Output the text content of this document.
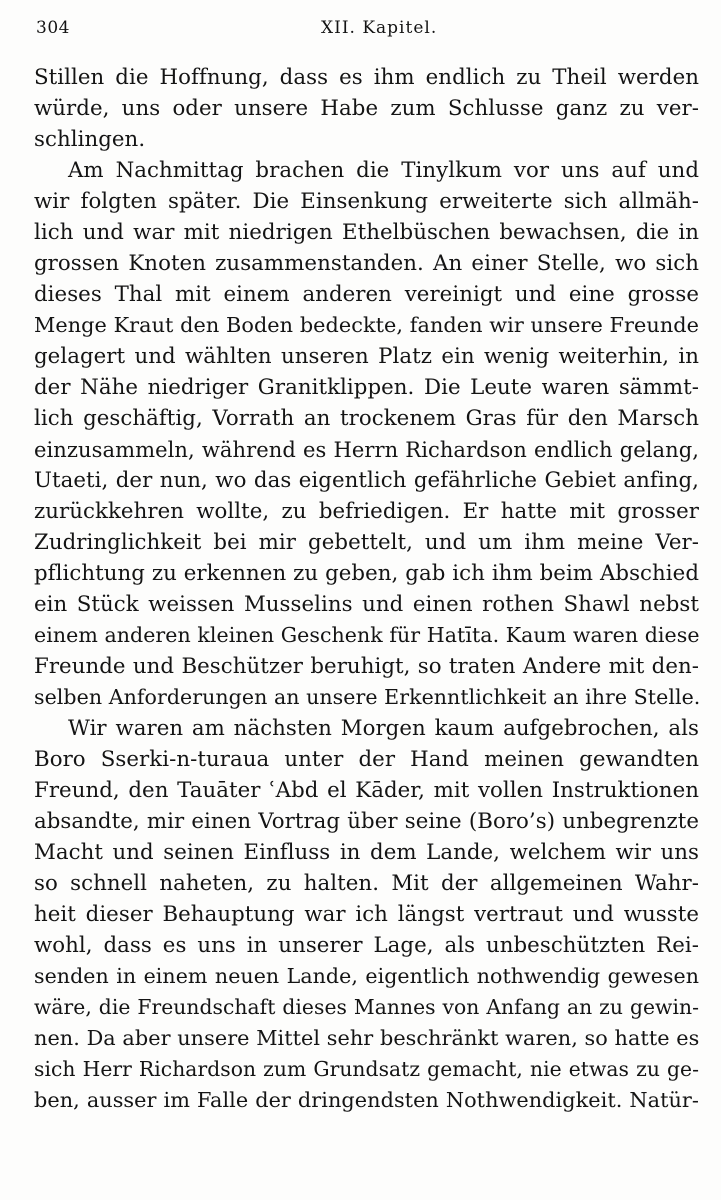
304	XII. Kapitel.
Stillen die Hoffnung, dass es ihm endlich zu Theil werden
würde, uns oder unsere Habe zum Schlusse ganz zu ver-
schlingen.
Am Nachmittag brachen die Tinylkum vor uns auf und
wir folgten später. Die Einsenkung erweiterte sich allmäh-
lich und war mit niedrigen Ethelbüschen bewachsen, die in
grossen Knoten zusammenstanden. An einer Stelle, wo sich
dieses Thal mit einem anderen vereinigt und eine grosse
Menge Kraut den Boden bedeckte, fanden wir unsere Freunde
gelagert und wählten unseren Platz ein wenig weiterhin, in
der Nähe niedriger Granitklippen. Die Leute waren sämmt-
lich geschäftig, Vorrath an trockenem Gras für den Marsch
einzusammeln, während es Herrn Richardson endlich gelang,
Utaeti, der nun, wo das eigentlich gefährliche Gebiet anfing,
zurückkehren wollte, zu befriedigen. Er hatte mit grosser
Zudringlichkeit bei mir gebettelt, und um ihm meine Ver-
pflichtung zu erkennen zu geben, gab ich ihm beim Abschied
ein Stück weissen Musselins und einen rothen Shawl nebst
einem anderen kleinen Geschenk für Hatīta. Kaum waren diese
Freunde und Beschützer beruhigt, so traten Andere mit den-
selben Anforderungen an unsere Erkenntlichkeit an ihre Stelle.
Wir waren am nächsten Morgen kaum aufgebrochen, als
Boro Sserki-n-turaua unter der Hand meinen gewandten
Freund, den Tauāter ʿAbd el Kāder, mit vollen Instruktionen
absandte, mir einen Vortrag über seine (Boro’s) unbegrenzte
Macht und seinen Einfluss in dem Lande, welchem wir uns
so schnell naheten, zu halten. Mit der allgemeinen Wahr-
heit dieser Behauptung war ich längst vertraut und wusste
wohl, dass es uns in unserer Lage, als unbeschützten Rei-
senden in einem neuen Lande, eigentlich nothwendig gewesen
wäre, die Freundschaft dieses Mannes von Anfang an zu gewin-
nen. Da aber unsere Mittel sehr beschränkt waren, so hatte es
sich Herr Richardson zum Grundsatz gemacht, nie etwas zu ge-
ben, ausser im Falle der dringendsten Nothwendigkeit. Natür-
